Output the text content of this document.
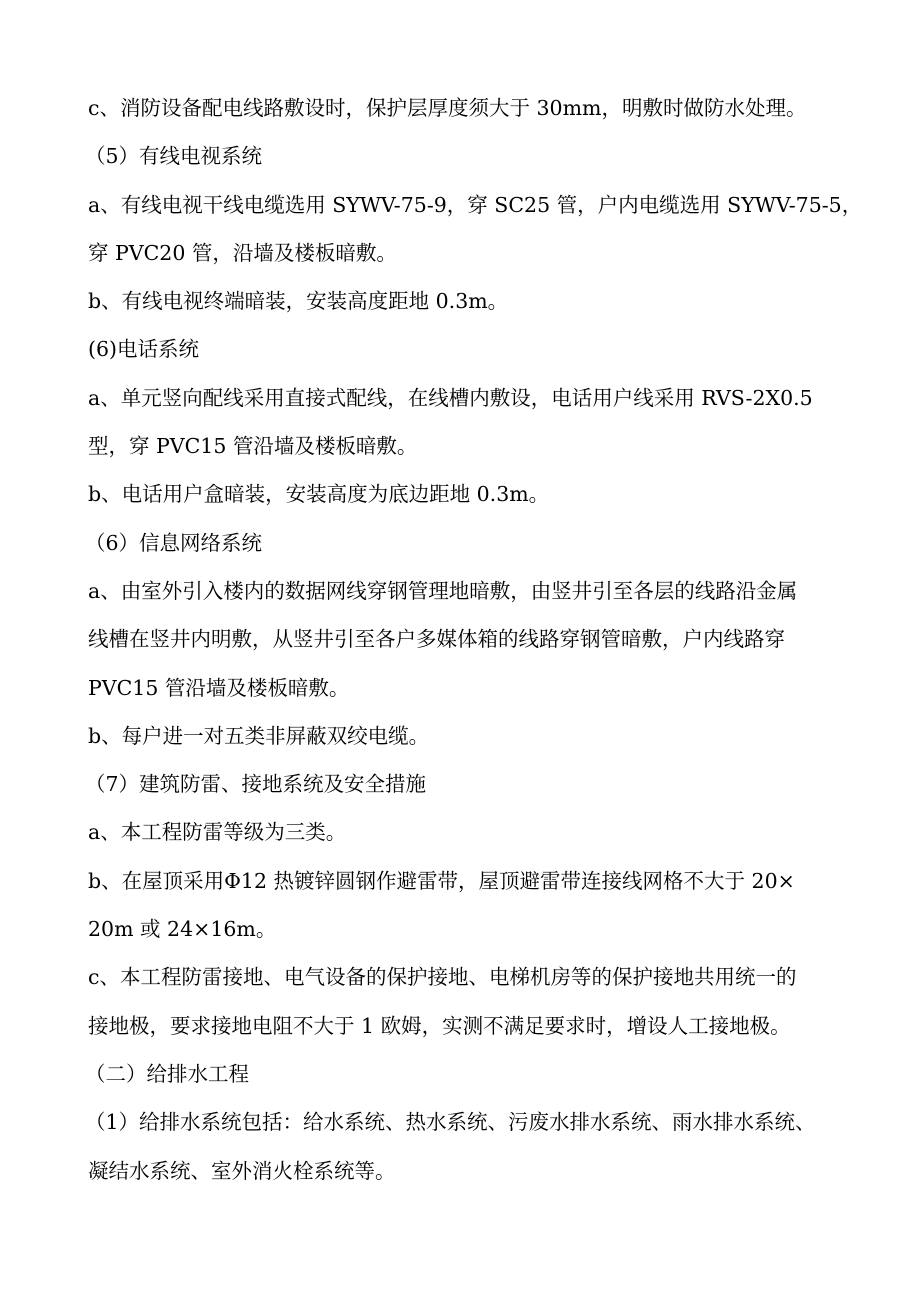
c、消防设备配电线路敷设时，保护层厚度须大于 30mm，明敷时做防水处理。

（5）有线电视系统

a、有线电视干线电缆选用 SYWV-75-9，穿 SC25 管，户内电缆选用 SYWV-75-5，

穿 PVC20 管，沿墙及楼板暗敷。

b、有线电视终端暗装，安装高度距地 0.3m。

(6)电话系统

a、单元竖向配线采用直接式配线，在线槽内敷设，电话用户线采用 RVS-2X0.5

型，穿 PVC15 管沿墙及楼板暗敷。

b、电话用户盒暗装，安装高度为底边距地 0.3m。

（6）信息网络系统

a、由室外引入楼内的数据网线穿钢管理地暗敷，由竖井引至各层的线路沿金属

线槽在竖井内明敷，从竖井引至各户多媒体箱的线路穿钢管暗敷，户内线路穿

PVC15 管沿墙及楼板暗敷。

b、每户进一对五类非屏蔽双绞电缆。

（7）建筑防雷、接地系统及安全措施

a、本工程防雷等级为三类。

b、在屋顶采用Φ12 热镀锌圆钢作避雷带，屋顶避雷带连接线网格不大于 20×

20m 或 24×16m。

c、本工程防雷接地、电气设备的保护接地、电梯机房等的保护接地共用统一的

接地极，要求接地电阻不大于 1 欧姆，实测不满足要求时，增设人工接地极。

（二）给排水工程

（1）给排水系统包括：给水系统、热水系统、污废水排水系统、雨水排水系统、

凝结水系统、室外消火栓系统等。
